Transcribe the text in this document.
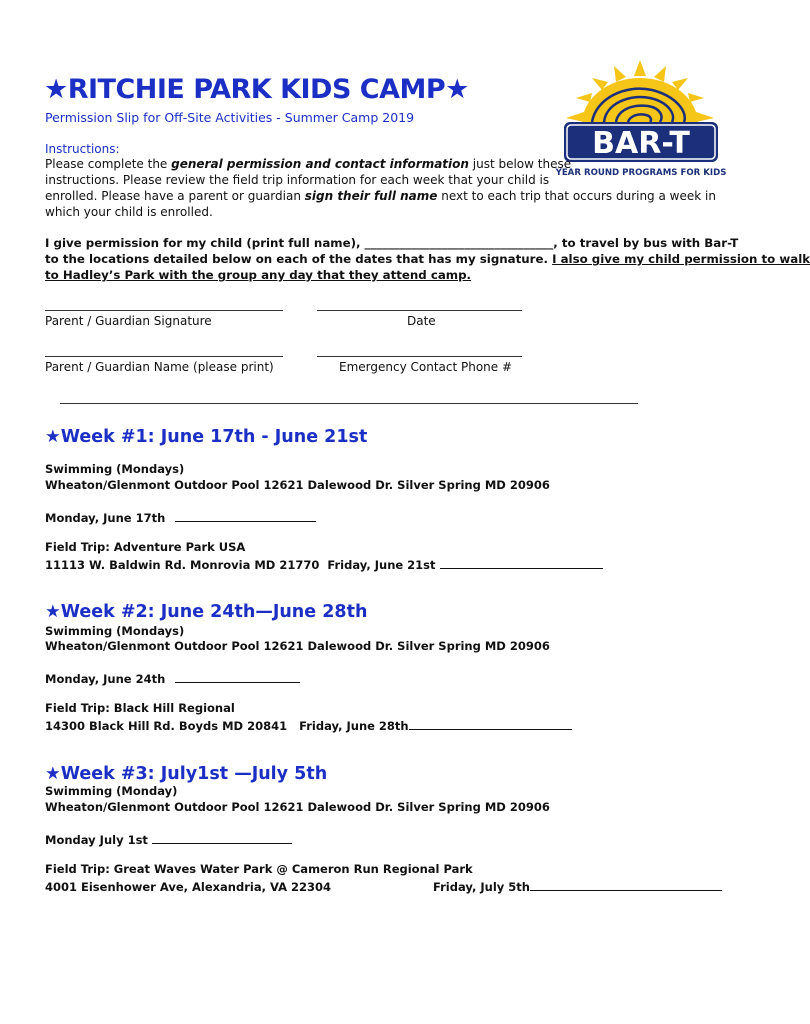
★RITCHIE PARK KIDS CAMP★
Permission Slip for Off-Site Activities - Summer Camp 2019
BAR-T
YEAR ROUND PROGRAMS FOR KIDS
Instructions:
Please complete the general permission and contact information just below these
instructions. Please review the field trip information for each week that your child is
enrolled. Please have a parent or guardian sign their full name next to each trip that occurs during a week in
which your child is enrolled.
I give permission for my child (print full name), ________________________________, to travel by bus with Bar-T
to the locations detailed below on each of the dates that has my signature. I also give my child permission to walk
to Hadley’s Park with the group any day that they attend camp.
Parent / Guardian Signature	Date
Parent / Guardian Name (please print)	Emergency Contact Phone #
★Week #1: June 17th - June 21st
Swimming (Mondays)
Wheaton/Glenmont Outdoor Pool 12621 Dalewood Dr. Silver Spring MD 20906
Monday, June 17th
Field Trip: Adventure Park USA
11113 W. Baldwin Rd. Monrovia MD 21770 Friday, June 21st
★Week #2: June 24th—June 28th
Swimming (Mondays)
Wheaton/Glenmont Outdoor Pool 12621 Dalewood Dr. Silver Spring MD 20906
Monday, June 24th
Field Trip: Black Hill Regional
14300 Black Hill Rd. Boyds MD 20841 Friday, June 28th
★Week #3: July1st —July 5th
Swimming (Monday)
Wheaton/Glenmont Outdoor Pool 12621 Dalewood Dr. Silver Spring MD 20906
Monday July 1st
Field Trip: Great Waves Water Park @ Cameron Run Regional Park
4001 Eisenhower Ave, Alexandria, VA 22304	Friday, July 5th
